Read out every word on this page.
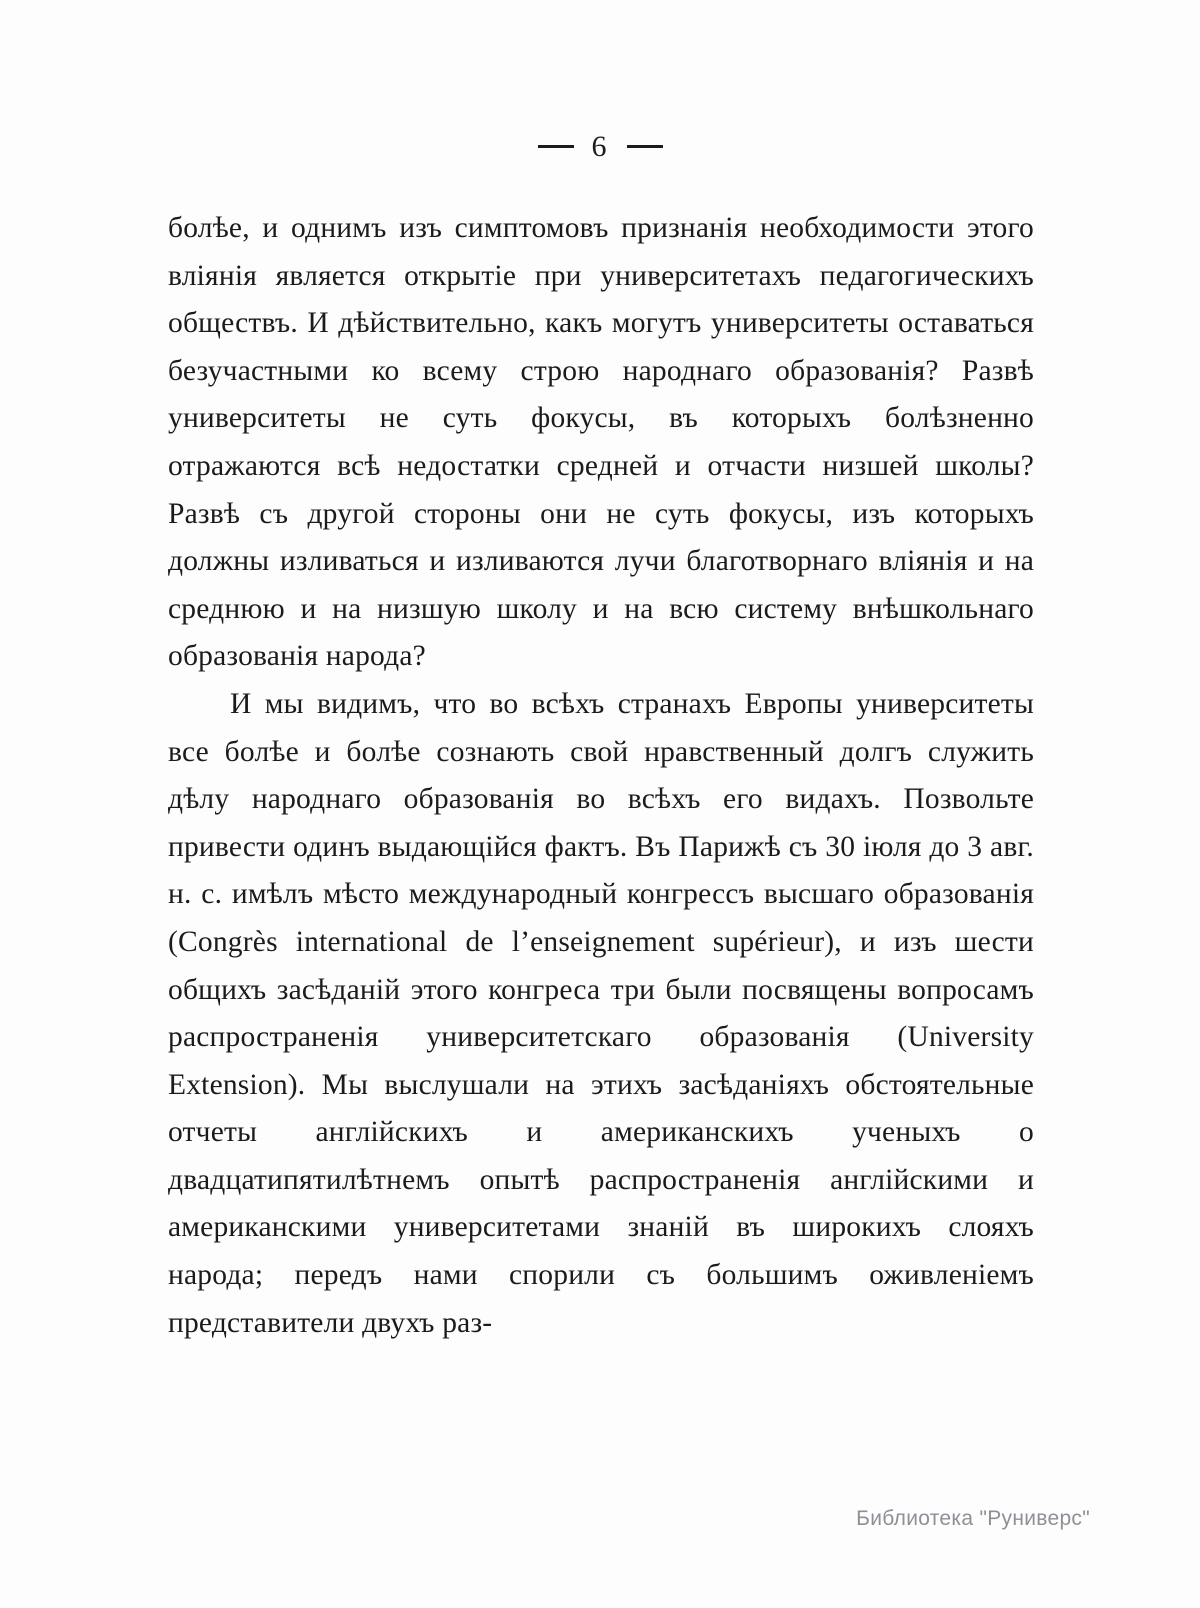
6

болѣе, и однимъ изъ симптомовъ признанія необходимости этого вліянія является открытіе при университетахъ педагогическихъ обществъ. И дѣйствительно, какъ могутъ университеты оставаться безучастными ко всему строю народнаго образованія? Развѣ университеты не суть фокусы, въ которыхъ болѣзненно отражаются всѣ недостатки средней и отчасти низшей школы? Развѣ съ другой стороны они не суть фокусы, изъ которыхъ должны изливаться и изливаются лучи благотворнаго вліянія и на среднюю и на низшую школу и на всю систему внѣшкольнаго образованія народа?

И мы видимъ, что во всѣхъ странахъ Европы университеты все болѣе и болѣе сознають свой нравственный долгъ служить дѣлу народнаго образованія во всѣхъ его видахъ. Позвольте привести одинъ выдающійся фактъ. Въ Парижѣ съ 30 іюля до 3 авг. н. с. имѣлъ мѣсто международный конгрессъ высшаго образованія (Congrès international de l’enseignement supérieur), и изъ шести общихъ засѣданій этого конгреса три были посвящены вопросамъ распространенія университетскаго образованія (University Extension). Мы выслушали на этихъ засѣданіяхъ обстоятельные отчеты англійскихъ и американскихъ ученыхъ о двадцатипятилѣтнемъ опытѣ распространенія англійскими и американскими университетами знаній въ широкихъ слояхъ народа; передъ нами спорили съ большимъ оживленіемъ представители двухъ раз-

Библиотека "Руниверс"
